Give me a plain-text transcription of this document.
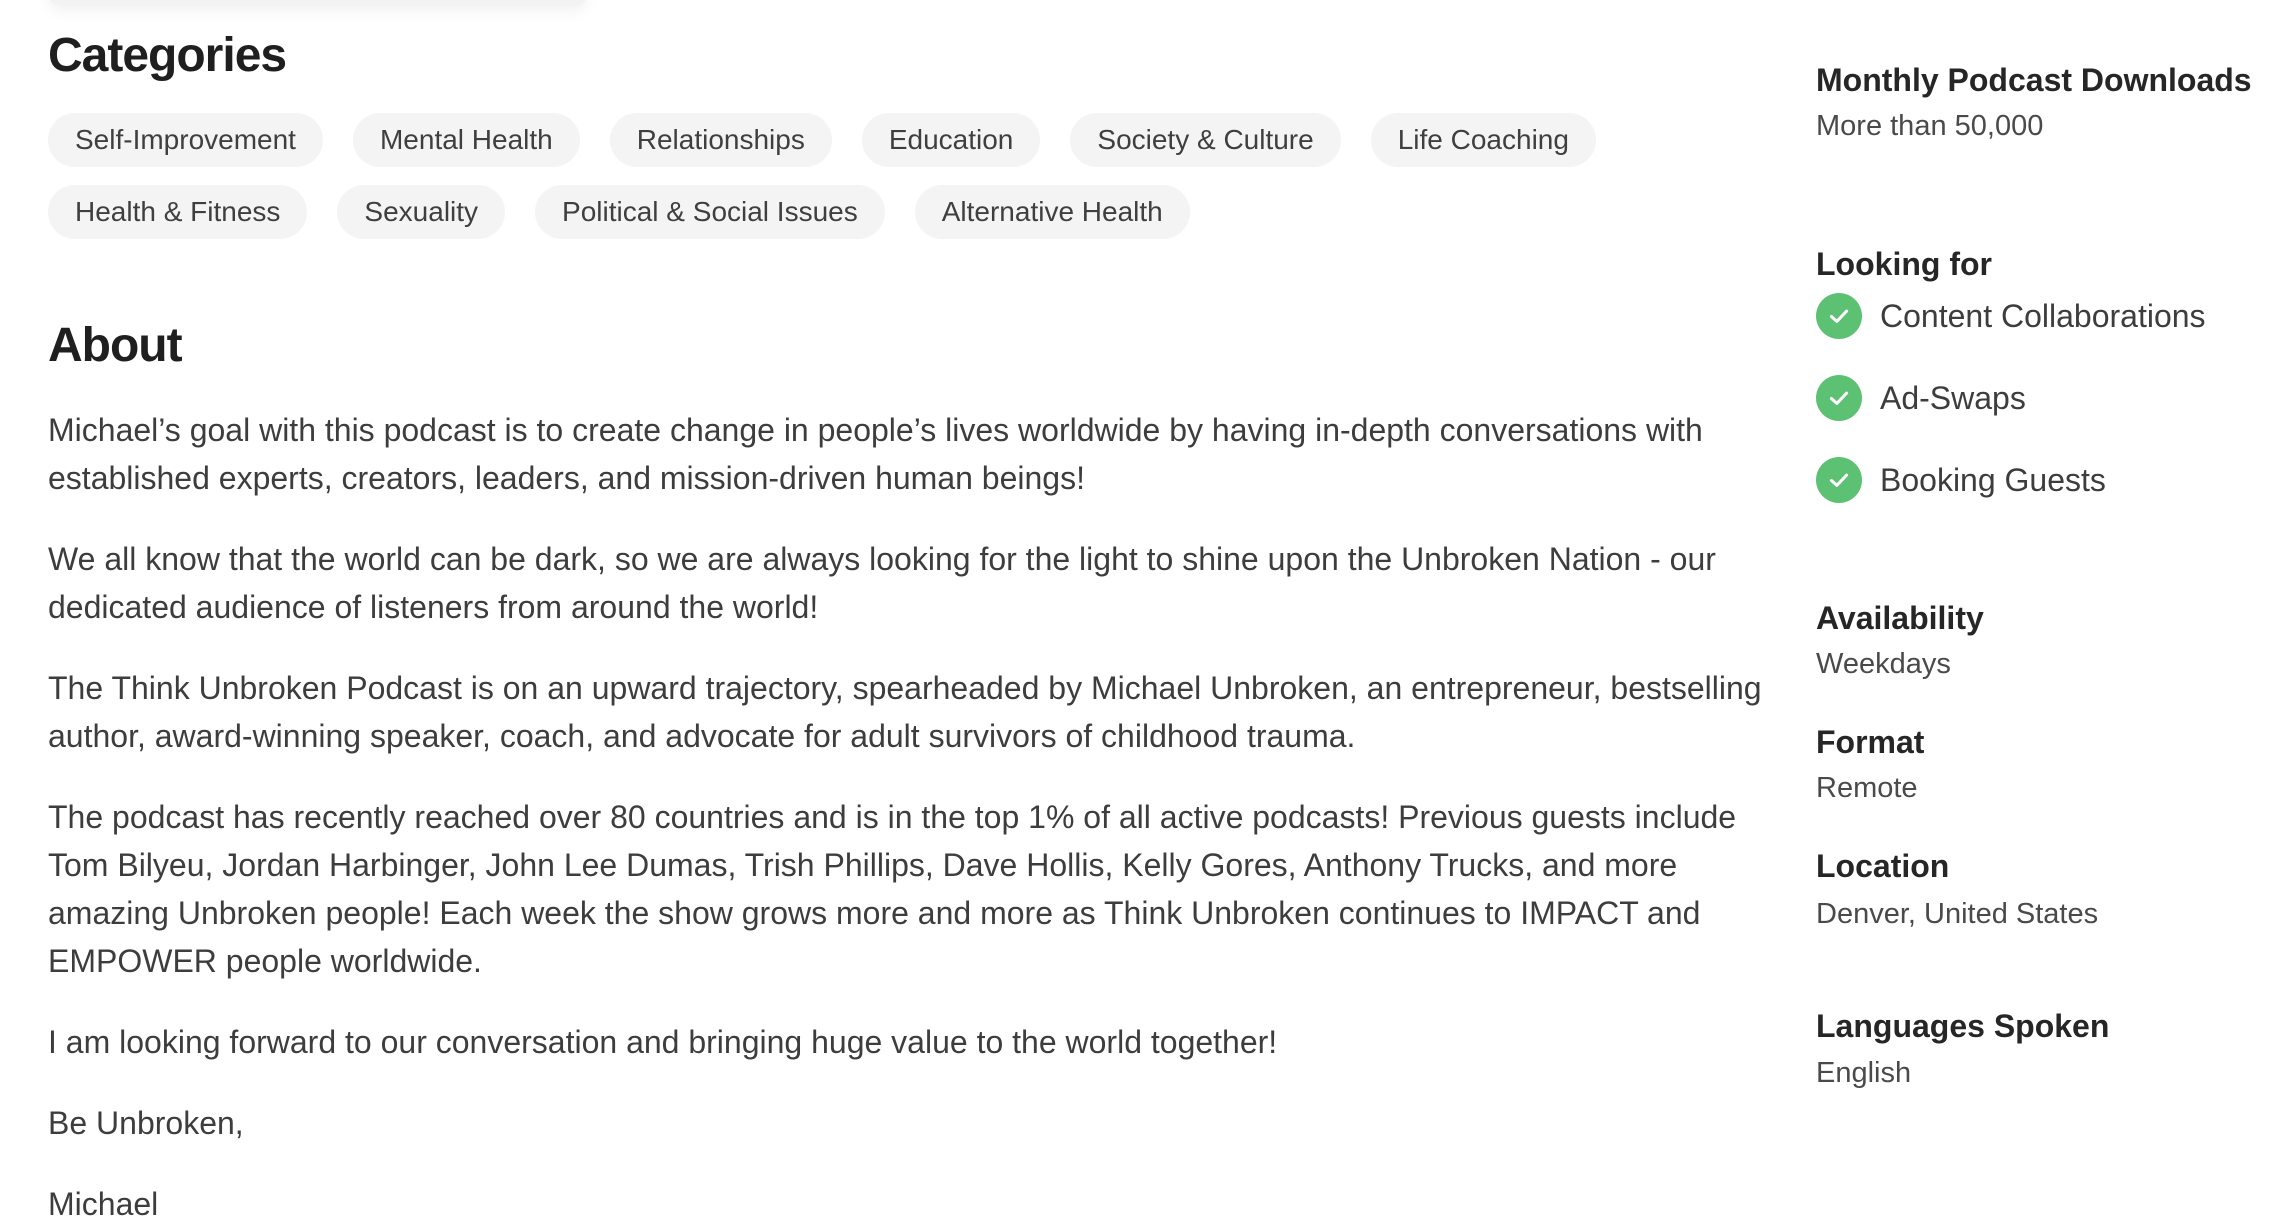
Categories
Self-Improvement	Mental Health	Relationships	Education	Society & Culture	Life Coaching
Health & Fitness	Sexuality	Political & Social Issues	Alternative Health
About

Michael’s goal with this podcast is to create change in people’s lives worldwide by having in-depth conversations with established experts, creators, leaders, and mission-driven human beings!

We all know that the world can be dark, so we are always looking for the light to shine upon the Unbroken Nation - our dedicated audience of listeners from around the world!

The Think Unbroken Podcast is on an upward trajectory, spearheaded by Michael Unbroken, an entrepreneur, bestselling author, award-winning speaker, coach, and advocate for adult survivors of childhood trauma.

The podcast has recently reached over 80 countries and is in the top 1% of all active podcasts! Previous guests include Tom Bilyeu, Jordan Harbinger, John Lee Dumas, Trish Phillips, Dave Hollis, Kelly Gores, Anthony Trucks, and more amazing Unbroken people! Each week the show grows more and more as Think Unbroken continues to IMPACT and EMPOWER people worldwide.

I am looking forward to our conversation and bringing huge value to the world together!

Be Unbroken,

Michael

Monthly Podcast Downloads
More than 50,000
Looking for
Content Collaborations
Ad-Swaps
Booking Guests
Availability
Weekdays
Format
Remote
Location
Denver, United States
Languages Spoken
English
